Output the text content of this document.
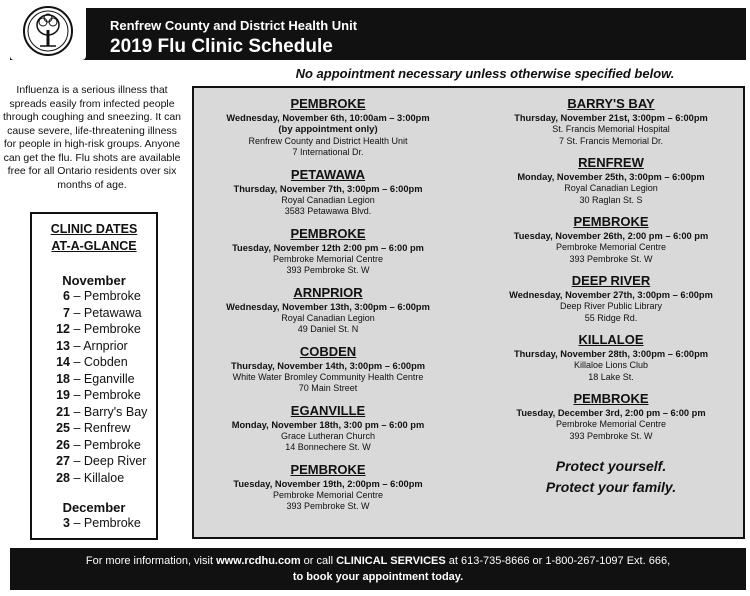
Renfrew County and District Health Unit
2019 Flu Clinic Schedule
No appointment necessary unless otherwise specified below.
Influenza is a serious illness that spreads easily from infected people through coughing and sneezing. It can cause severe, life-threatening illness for people in high-risk groups. Anyone can get the flu. Flu shots are available free for all Ontario residents over six months of age.
CLINIC DATES
AT-A-GLANCE
November
6 – Pembroke
7 – Petawawa
12 – Pembroke
13 – Arnprior
14 – Cobden
18 – Eganville
19 – Pembroke
21 – Barry's Bay
25 – Renfrew
26 – Pembroke
27 – Deep River
28 – Killaloe
December
3 – Pembroke
PEMBROKE
Wednesday, November 6th, 10:00am – 3:00pm
(by appointment only)
Renfrew County and District Health Unit
7 International Dr.
PETAWAWA
Thursday, November 7th, 3:00pm – 6:00pm
Royal Canadian Legion
3583 Petawawa Blvd.
PEMBROKE
Tuesday, November 12th 2:00 pm – 6:00 pm
Pembroke Memorial Centre
393 Pembroke St. W
ARNPRIOR
Wednesday, November 13th, 3:00pm – 6:00pm
Royal Canadian Legion
49 Daniel St. N
COBDEN
Thursday, November 14th, 3:00pm – 6:00pm
White Water Bromley Community Health Centre
70 Main Street
EGANVILLE
Monday, November 18th, 3:00 pm – 6:00 pm
Grace Lutheran Church
14 Bonnechere St. W
PEMBROKE
Tuesday, November 19th, 2:00pm – 6:00pm
Pembroke Memorial Centre
393 Pembroke St. W
BARRY'S BAY
Thursday, November 21st, 3:00pm – 6:00pm
St. Francis Memorial Hospital
7 St. Francis Memorial Dr.
RENFREW
Monday, November 25th, 3:00pm – 6:00pm
Royal Canadian Legion
30 Raglan St. S
PEMBROKE
Tuesday, November 26th, 2:00 pm – 6:00 pm
Pembroke Memorial Centre
393 Pembroke St. W
DEEP RIVER
Wednesday, November 27th, 3:00pm – 6:00pm
Deep River Public Library
55 Ridge Rd.
KILLALOE
Thursday, November 28th, 3:00pm – 6:00pm
Killaloe Lions Club
18 Lake St.
PEMBROKE
Tuesday, December 3rd, 2:00 pm – 6:00 pm
Pembroke Memorial Centre
393 Pembroke St. W
Protect yourself.
Protect your family.
For more information, visit www.rcdhu.com or call CLINICAL SERVICES at 613-735-8666 or 1-800-267-1097 Ext. 666,
to book your appointment today.
